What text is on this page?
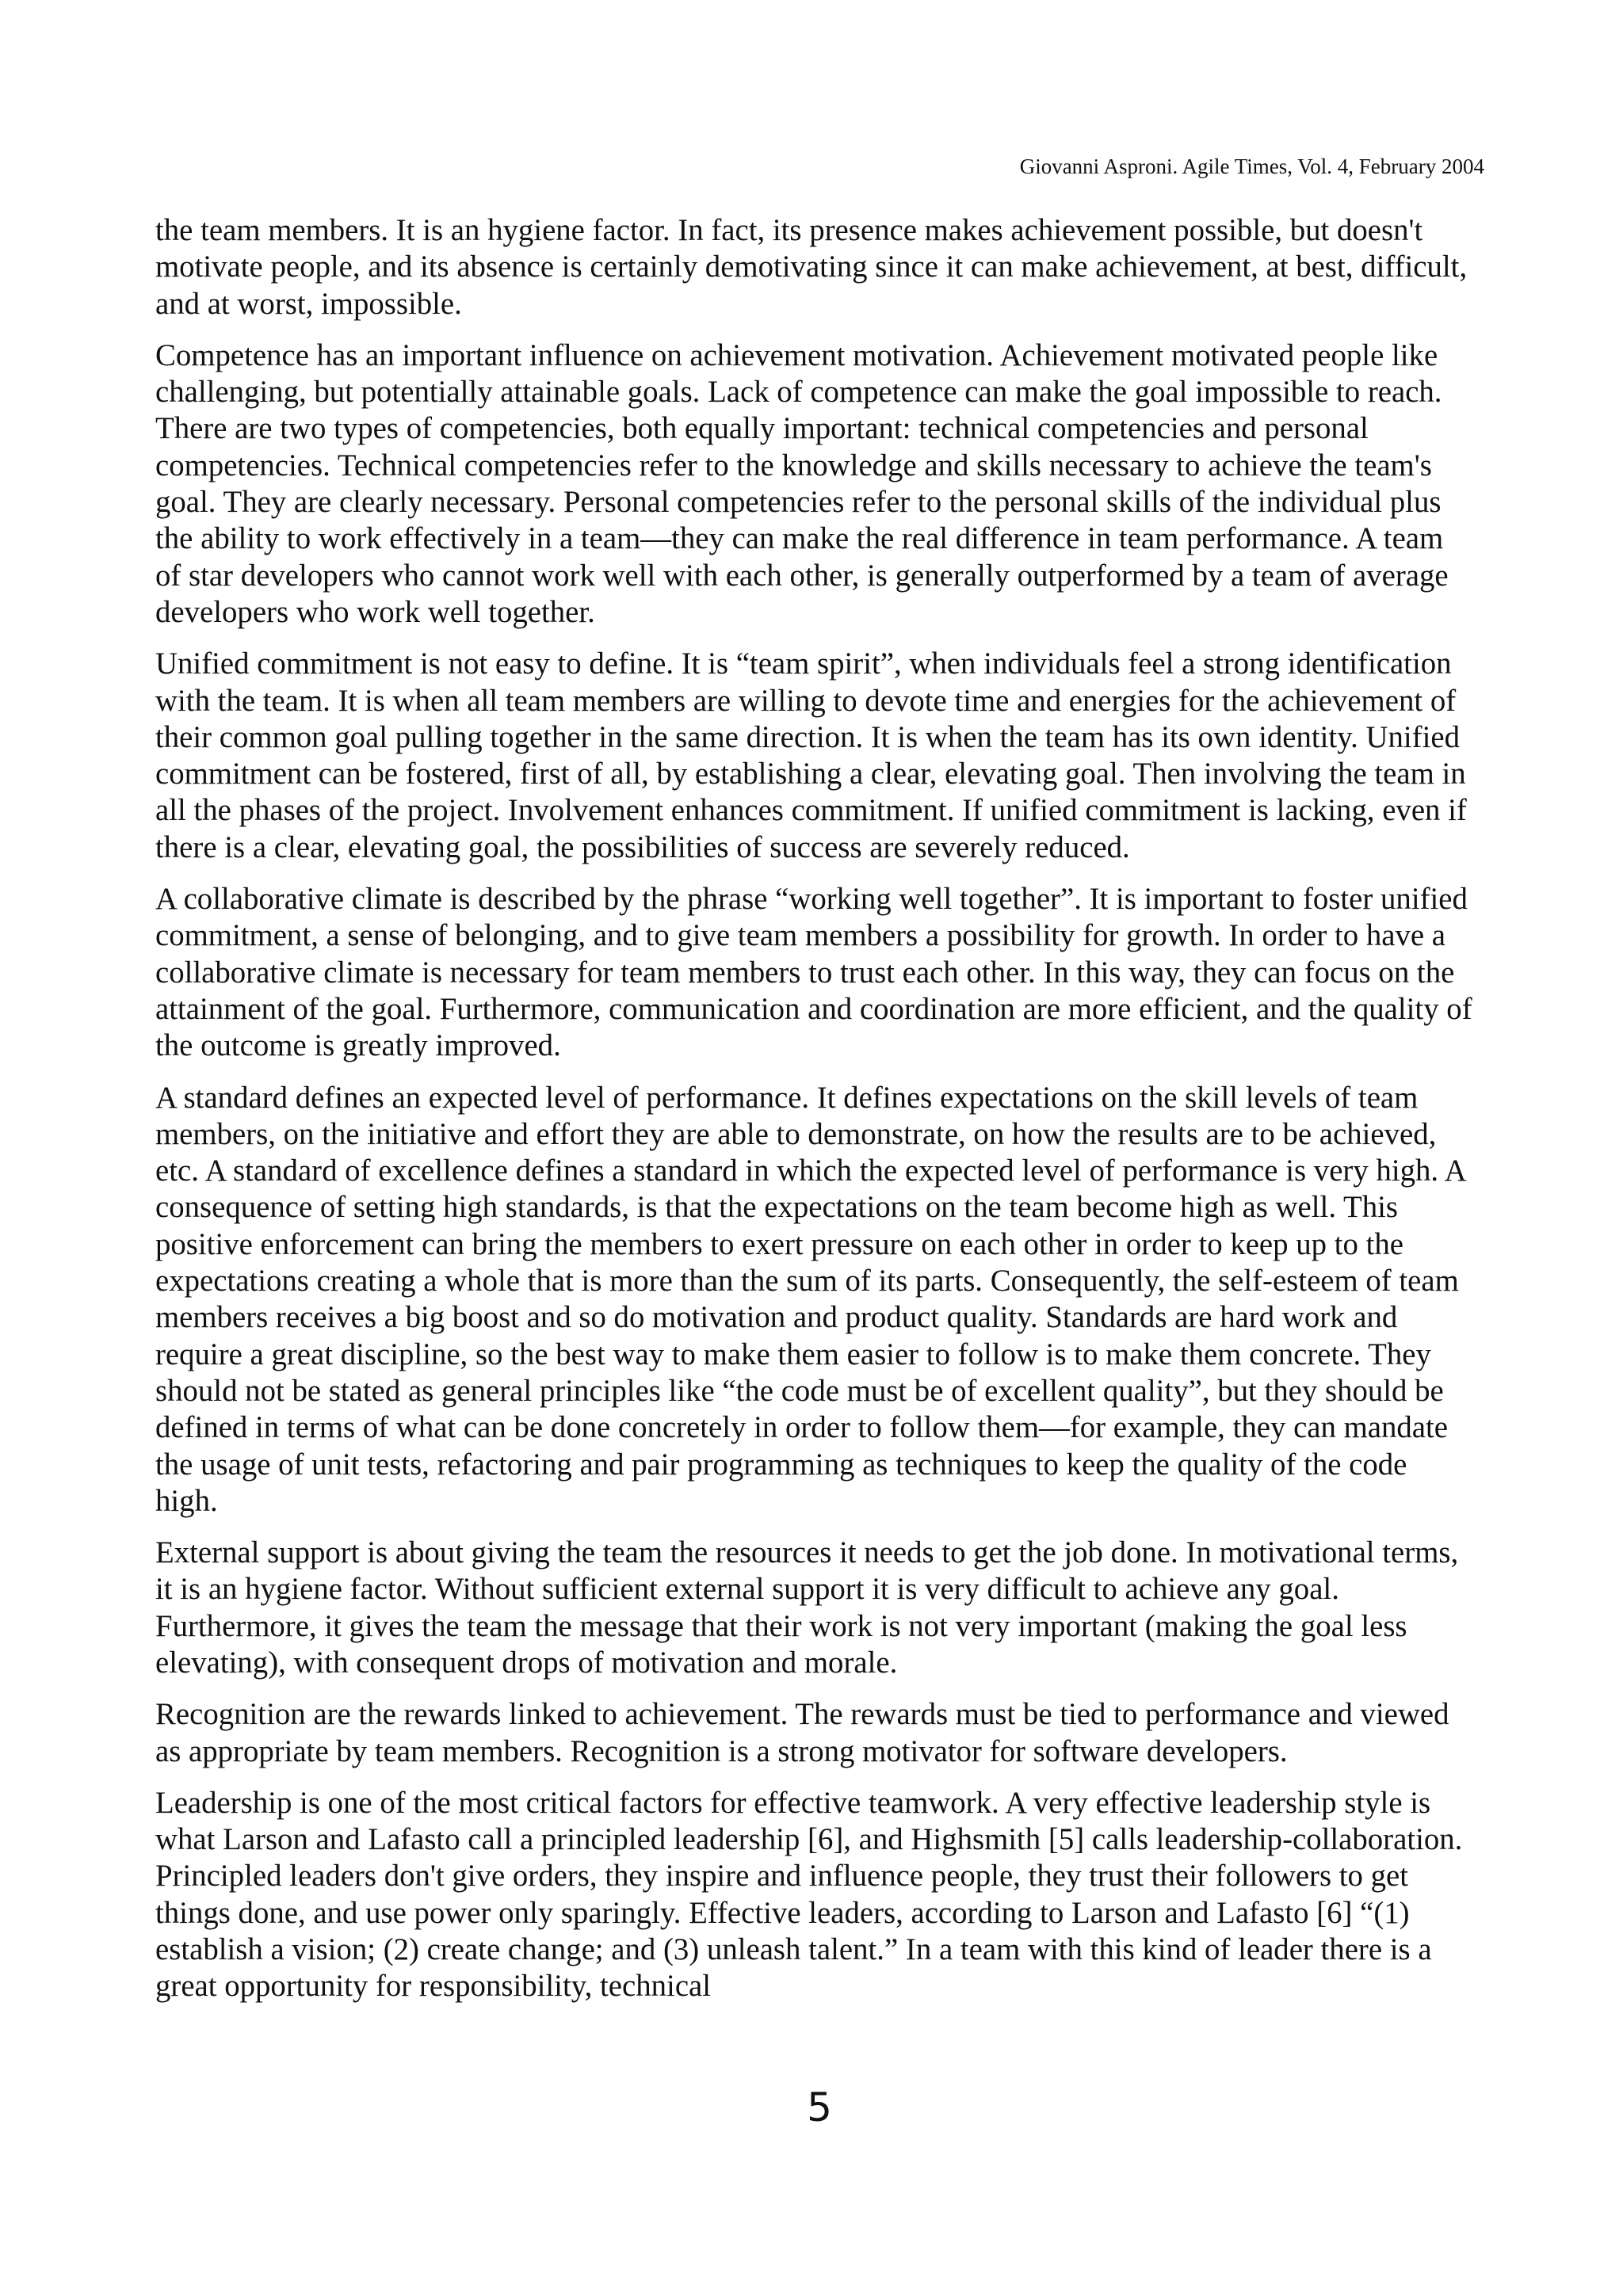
Giovanni Asproni. Agile Times, Vol. 4, February 2004

the team members. It is an hygiene factor. In fact, its presence makes achievement possible, but doesn't motivate people, and its absence is certainly demotivating since it can make achievement, at best, difficult, and at worst, impossible.

Competence has an important influence on achievement motivation. Achievement motivated people like challenging, but potentially attainable goals. Lack of competence can make the goal impossible to reach. There are two types of competencies, both equally important: technical competencies and personal competencies. Technical competencies refer to the knowledge and skills necessary to achieve the team's goal. They are clearly necessary. Personal competencies refer to the personal skills of the individual plus the ability to work effectively in a team—they can make the real difference in team performance. A team of star developers who cannot work well with each other, is generally outperformed by a team of average developers who work well together.

Unified commitment is not easy to define. It is “team spirit”, when individuals feel a strong identification with the team. It is when all team members are willing to devote time and energies for the achievement of their common goal pulling together in the same direction. It is when the team has its own identity. Unified commitment can be fostered, first of all, by establishing a clear, elevating goal. Then involving the team in all the phases of the project. Involvement enhances commitment. If unified commitment is lacking, even if there is a clear, elevating goal, the possibilities of success are severely reduced.

A collaborative climate is described by the phrase “working well together”. It is important to foster unified commitment, a sense of belonging, and to give team members a possibility for growth. In order to have a collaborative climate is necessary for team members to trust each other. In this way, they can focus on the attainment of the goal. Furthermore, communication and coordination are more efficient, and the quality of the outcome is greatly improved.

A standard defines an expected level of performance. It defines expectations on the skill levels of team members, on the initiative and effort they are able to demonstrate, on how the results are to be achieved, etc. A standard of excellence defines a standard in which the expected level of performance is very high. A consequence of setting high standards, is that the expectations on the team become high as well. This positive enforcement can bring the members to exert pressure on each other in order to keep up to the expectations creating a whole that is more than the sum of its parts. Consequently, the self-esteem of team members receives a big boost and so do motivation and product quality. Standards are hard work and require a great discipline, so the best way to make them easier to follow is to make them concrete. They should not be stated as general principles like “the code must be of excellent quality”, but they should be defined in terms of what can be done concretely in order to follow them—for example, they can mandate the usage of unit tests, refactoring and pair programming as techniques to keep the quality of the code high.

External support is about giving the team the resources it needs to get the job done. In motivational terms, it is an hygiene factor. Without sufficient external support it is very difficult to achieve any goal. Furthermore, it gives the team the message that their work is not very important (making the goal less elevating), with consequent drops of motivation and morale.

Recognition are the rewards linked to achievement. The rewards must be tied to performance and viewed as appropriate by team members. Recognition is a strong motivator for software developers.

Leadership is one of the most critical factors for effective teamwork. A very effective leadership style is what Larson and Lafasto call a principled leadership [6], and Highsmith [5] calls leadership-collaboration. Principled leaders don't give orders, they inspire and influence people, they trust their followers to get things done, and use power only sparingly. Effective leaders, according to Larson and Lafasto [6] “(1) establish a vision; (2) create change; and (3) unleash talent.” In a team with this kind of leader there is a great opportunity for responsibility, technical

5
